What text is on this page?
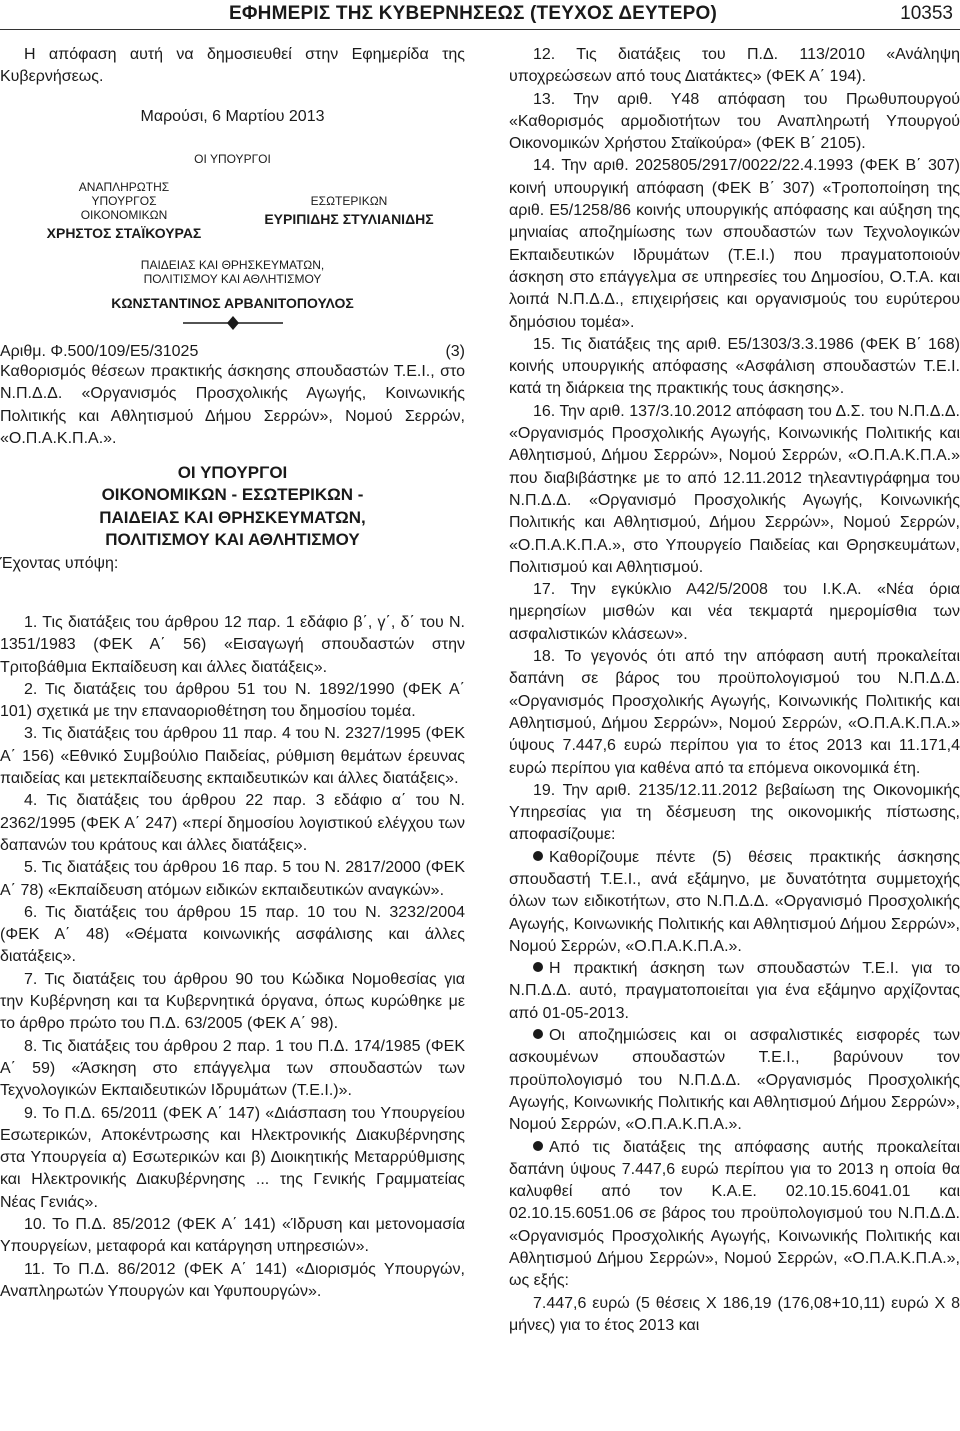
ΕΦΗΜΕΡΙΣ ΤΗΣ ΚΥΒΕΡΝΗΣΕΩΣ (ΤΕΥΧΟΣ ΔΕΥΤΕΡΟ)	10353

Η απόφαση αυτή να δημοσιευθεί στην Εφημερίδα της Κυβερνήσεως.

Μαρούσι, 6 Μαρτίου 2013
ΟΙ ΥΠΟΥΡΓΟΙ
ΑΝΑΠΛΗΡΩΤΗΣ ΥΠΟΥΡΓΟΣ ΟΙΚΟΝΟΜΙΚΩΝ
ΧΡΗΣΤΟΣ ΣΤΑΪΚΟΥΡΑΣ
ΕΣΩΤΕΡΙΚΩΝ
ΕΥΡΙΠΙΔΗΣ ΣΤΥΛΙΑΝΙΔΗΣ
ΠΑΙΔΕΙΑΣ ΚΑΙ ΘΡΗΣΚΕΥΜΑΤΩΝ, ΠΟΛΙΤΙΣΜΟΥ ΚΑΙ ΑΘΛΗΤΙΣΜΟΥ
ΚΩΝΣΤΑΝΤΙΝΟΣ ΑΡΒΑΝΙΤΟΠΟΥΛΟΣ
Αριθμ. Φ.500/109/Ε5/31025	(3)

Καθορισμός θέσεων πρακτικής άσκησης σπουδαστών Τ.Ε.Ι., στο Ν.Π.Δ.Δ. «Οργανισμός Προσχολικής Αγωγής, Κοινωνικής Πολιτικής και Αθλητισμού Δήμου Σερρών», Νομού Σερρών, «Ο.Π.Α.Κ.Π.Α.».

ΟΙ ΥΠΟΥΡΓΟΙ
ΟΙΚΟΝΟΜΙΚΩΝ - ΕΣΩΤΕΡΙΚΩΝ -
ΠΑΙΔΕΙΑΣ ΚΑΙ ΘΡΗΣΚΕΥΜΑΤΩΝ,
ΠΟΛΙΤΙΣΜΟΥ ΚΑΙ ΑΘΛΗΤΙΣΜΟΥ

Έχοντας υπόψη:

1. Τις διατάξεις του άρθρου 12 παρ. 1 εδάφιο β΄, γ΄, δ΄ του Ν. 1351/1983 (ΦΕΚ Α΄ 56) «Εισαγωγή σπουδαστών στην Τριτοβάθμια Εκπαίδευση και άλλες διατάξεις».

2. Τις διατάξεις του άρθρου 51 του Ν. 1892/1990 (ΦΕΚ Α΄ 101) σχετικά με την επαναοριοθέτηση του δημοσίου τομέα.

3. Τις διατάξεις του άρθρου 11 παρ. 4 του Ν. 2327/1995 (ΦΕΚ Α΄ 156) «Εθνικό Συμβούλιο Παιδείας, ρύθμιση θεμάτων έρευνας παιδείας και μετεκπαίδευσης εκπαιδευτικών και άλλες διατάξεις».

4. Τις διατάξεις του άρθρου 22 παρ. 3 εδάφιο α΄ του Ν. 2362/1995 (ΦΕΚ Α΄ 247) «περί δημοσίου λογιστικού ελέγχου των δαπανών του κράτους και άλλες διατάξεις».

5. Τις διατάξεις του άρθρου 16 παρ. 5 του Ν. 2817/2000 (ΦΕΚ Α΄ 78) «Εκπαίδευση ατόμων ειδικών εκπαιδευτικών αναγκών».

6. Τις διατάξεις του άρθρου 15 παρ. 10 του Ν. 3232/2004 (ΦΕΚ Α΄ 48) «Θέματα κοινωνικής ασφάλισης και άλλες διατάξεις».

7. Τις διατάξεις του άρθρου 90 του Κώδικα Νομοθεσίας για την Κυβέρνηση και τα Κυβερνητικά όργανα, όπως κυρώθηκε με το άρθρο πρώτο του Π.Δ. 63/2005 (ΦΕΚ Α΄ 98).

8. Τις διατάξεις του άρθρου 2 παρ. 1 του Π.Δ. 174/1985 (ΦΕΚ Α΄ 59) «Άσκηση στο επάγγελμα των σπουδαστών των Τεχνολογικών Εκπαιδευτικών Ιδρυμάτων (Τ.Ε.Ι.)».

9. Το Π.Δ. 65/2011 (ΦΕΚ Α΄ 147) «Διάσπαση του Υπουργείου Εσωτερικών, Αποκέντρωσης και Ηλεκτρονικής Διακυβέρνησης στα Υπουργεία α) Εσωτερικών και β) Διοικητικής Μεταρρύθμισης και Ηλεκτρονικής Διακυβέρνησης ... της Γενικής Γραμματείας Νέας Γενιάς».

10. Το Π.Δ. 85/2012 (ΦΕΚ Α΄ 141) «Ίδρυση και μετονομασία Υπουργείων, μεταφορά και κατάργηση υπηρεσιών».

11. Το Π.Δ. 86/2012 (ΦΕΚ Α΄ 141) «Διορισμός Υπουργών, Αναπληρωτών Υπουργών και Υφυπουργών».

12. Τις διατάξεις του Π.Δ. 113/2010 «Ανάληψη υποχρεώσεων από τους Διατάκτες» (ΦΕΚ Α΄ 194).

13. Την αριθ. Υ48 απόφαση του Πρωθυπουργού «Καθορισμός αρμοδιοτήτων του Αναπληρωτή Υπουργού Οικονομικών Χρήστου Σταϊκούρα» (ΦΕΚ Β΄ 2105).

14. Την αριθ. 2025805/2917/0022/22.4.1993 (ΦΕΚ Β΄ 307) κοινή υπουργική απόφαση (ΦΕΚ Β΄ 307) «Τροποποίηση της αριθ. Ε5/1258/86 κοινής υπουργικής απόφασης και αύξηση της μηνιαίας αποζημίωσης των σπουδαστών των Τεχνολογικών Εκπαιδευτικών Ιδρυμάτων (Τ.Ε.Ι.) που πραγματοποιούν άσκηση στο επάγγελμα σε υπηρεσίες του Δημοσίου, Ο.Τ.Α. και λοιπά Ν.Π.Δ.Δ., επιχειρήσεις και οργανισμούς του ευρύτερου δημόσιου τομέα».

15. Τις διατάξεις της αριθ. Ε5/1303/3.3.1986 (ΦΕΚ Β΄ 168) κοινής υπουργικής απόφασης «Ασφάλιση σπουδαστών Τ.Ε.Ι. κατά τη διάρκεια της πρακτικής τους άσκησης».

16. Την αριθ. 137/3.10.2012 απόφαση του Δ.Σ. του Ν.Π.Δ.Δ. «Οργανισμός Προσχολικής Αγωγής, Κοινωνικής Πολιτικής και Αθλητισμού, Δήμου Σερρών», Νομού Σερρών, «Ο.Π.Α.Κ.Π.Α.» που διαβιβάστηκε με το από 12.11.2012 τηλεαντιγράφημα του Ν.Π.Δ.Δ. «Οργανισμό Προσχολικής Αγωγής, Κοινωνικής Πολιτικής και Αθλητισμού, Δήμου Σερρών», Νομού Σερρών, «Ο.Π.Α.Κ.Π.Α.», στο Υπουργείο Παιδείας και Θρησκευμάτων, Πολιτισμού και Αθλητισμού.

17. Την εγκύκλιο Α42/5/2008 του Ι.Κ.Α. «Νέα όρια ημερησίων μισθών και νέα τεκμαρτά ημερομίσθια των ασφαλιστικών κλάσεων».

18. Το γεγονός ότι από την απόφαση αυτή προκαλείται δαπάνη σε βάρος του προϋπολογισμού του Ν.Π.Δ.Δ. «Οργανισμός Προσχολικής Αγωγής, Κοινωνικής Πολιτικής και Αθλητισμού, Δήμου Σερρών», Νομού Σερρών, «Ο.Π.Α.Κ.Π.Α.» ύψους 7.447,6 ευρώ περίπου για το έτος 2013 και 11.171,4 ευρώ περίπου για καθένα από τα επόμενα οικονομικά έτη.

19. Την αριθ. 2135/12.11.2012 βεβαίωση της Οικονομικής Υπηρεσίας για τη δέσμευση της οικονομικής πίστωσης, αποφασίζουμε:

Καθορίζουμε πέντε (5) θέσεις πρακτικής άσκησης σπουδαστή Τ.Ε.Ι., ανά εξάμηνο, με δυνατότητα συμμετοχής όλων των ειδικοτήτων, στο Ν.Π.Δ.Δ. «Οργανισμό Προσχολικής Αγωγής, Κοινωνικής Πολιτικής και Αθλητισμού Δήμου Σερρών», Νομού Σερρών, «Ο.Π.Α.Κ.Π.Α.».

Η πρακτική άσκηση των σπουδαστών Τ.Ε.Ι. για το Ν.Π.Δ.Δ. αυτό, πραγματοποιείται για ένα εξάμηνο αρχίζοντας από 01-05-2013.

Οι αποζημιώσεις και οι ασφαλιστικές εισφορές των ασκουμένων σπουδαστών Τ.Ε.Ι., βαρύνουν τον προϋπολογισμό του Ν.Π.Δ.Δ. «Οργανισμός Προσχολικής Αγωγής, Κοινωνικής Πολιτικής και Αθλητισμού Δήμου Σερρών», Νομού Σερρών, «Ο.Π.Α.Κ.Π.Α.».

Από τις διατάξεις της απόφασης αυτής προκαλείται δαπάνη ύψους 7.447,6 ευρώ περίπου για το 2013 η οποία θα καλυφθεί από τον Κ.Α.Ε. 02.10.15.6041.01 και 02.10.15.6051.06 σε βάρος του προϋπολογισμού του Ν.Π.Δ.Δ. «Οργανισμός Προσχολικής Αγωγής, Κοινωνικής Πολιτικής και Αθλητισμού Δήμου Σερρών», Νομού Σερρών, «Ο.Π.Α.Κ.Π.Α.», ως εξής:

7.447,6 ευρώ (5 θέσεις Χ 186,19 (176,08+10,11) ευρώ Χ 8 μήνες) για το έτος 2013 και
